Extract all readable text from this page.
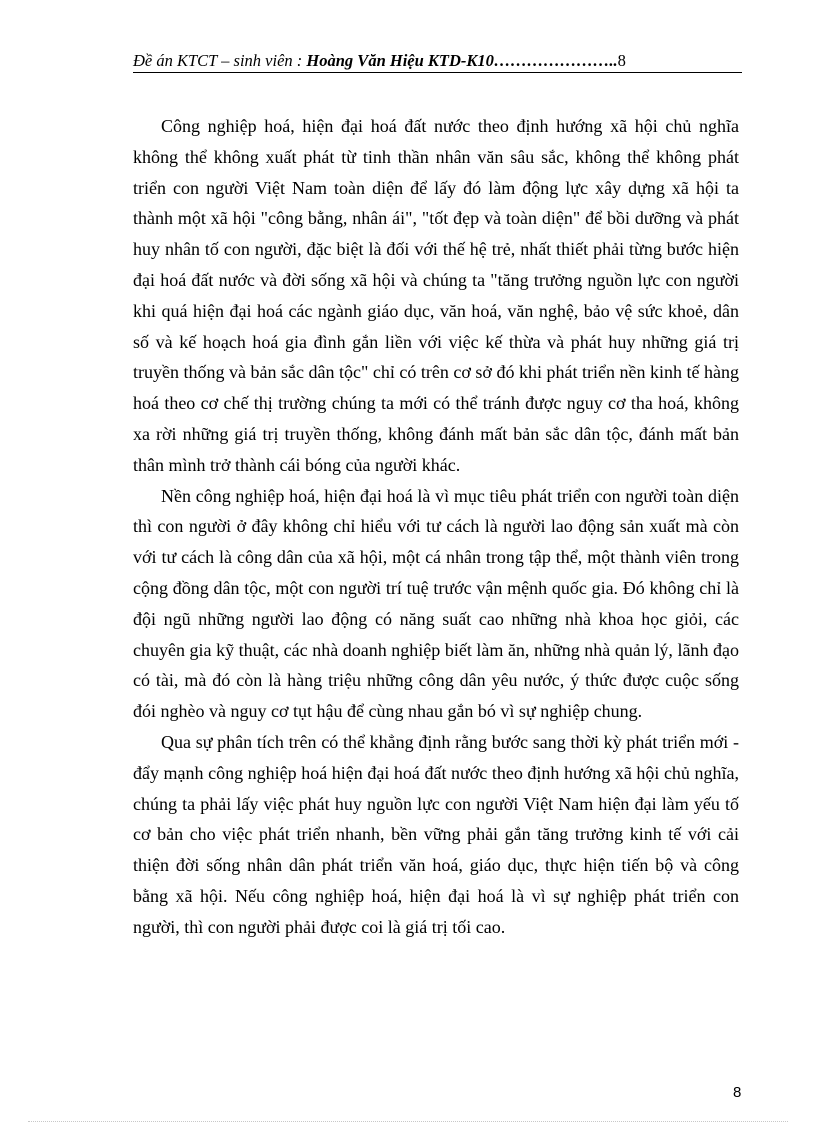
Đề án KTCT – sinh viên : Hoàng Văn Hiệu KTD-K10…………………..8

Công nghiệp hoá, hiện đại hoá đất nước theo định hướng xã hội chủ nghĩa không thể không xuất phát từ tinh thần nhân văn sâu sắc, không thể không phát triển con người Việt Nam toàn diện để lấy đó làm động lực xây dựng xã hội ta thành một xã hội "công bằng, nhân ái", "tốt đẹp và toàn diện" để bồi dưỡng và phát huy nhân tố con người, đặc biệt là đối với thế hệ trẻ, nhất thiết phải từng bước hiện đại hoá đất nước và đời sống xã hội và chúng ta "tăng trưởng nguồn lực con người khi quá hiện đại hoá các ngành giáo dục, văn hoá, văn nghệ, bảo vệ sức khoẻ, dân số và kế hoạch hoá gia đình gắn liền với việc kế thừa và phát huy những giá trị truyền thống và bản sắc dân tộc" chỉ có trên cơ sở đó khi phát triển nền kinh tế hàng hoá theo cơ chế thị trường chúng ta mới có thể tránh được nguy cơ tha hoá, không xa rời những giá trị truyền thống, không đánh mất bản sắc dân tộc, đánh mất bản thân mình trở thành cái bóng của người khác.

Nền công nghiệp hoá, hiện đại hoá là vì mục tiêu phát triển con người toàn diện thì con người ở đây không chỉ hiểu với tư cách là người lao động sản xuất mà còn với tư cách là công dân của xã hội, một cá nhân trong tập thể, một thành viên trong cộng đồng dân tộc, một con người trí tuệ trước vận mệnh quốc gia. Đó không chỉ là đội ngũ những người lao động có năng suất cao những nhà khoa học giỏi, các chuyên gia kỹ thuật, các nhà doanh nghiệp biết làm ăn, những nhà quản lý, lãnh đạo có tài, mà đó còn là hàng triệu những công dân yêu nước, ý thức được cuộc sống đói nghèo và nguy cơ tụt hậu để cùng nhau gắn bó vì sự nghiệp chung.

Qua sự phân tích trên có thể khẳng định rằng bước sang thời kỳ phát triển mới - đẩy mạnh công nghiệp hoá hiện đại hoá đất nước theo định hướng xã hội chủ nghĩa, chúng ta phải lấy việc phát huy nguồn lực con người Việt Nam hiện đại làm yếu tố cơ bản cho việc phát triển nhanh, bền vững phải gắn tăng trưởng kinh tế với cải thiện đời sống nhân dân phát triển văn hoá, giáo dục, thực hiện tiến bộ và công bằng xã hội. Nếu công nghiệp hoá, hiện đại hoá là vì sự nghiệp phát triển con người, thì con người phải được coi là giá trị tối cao.

8
